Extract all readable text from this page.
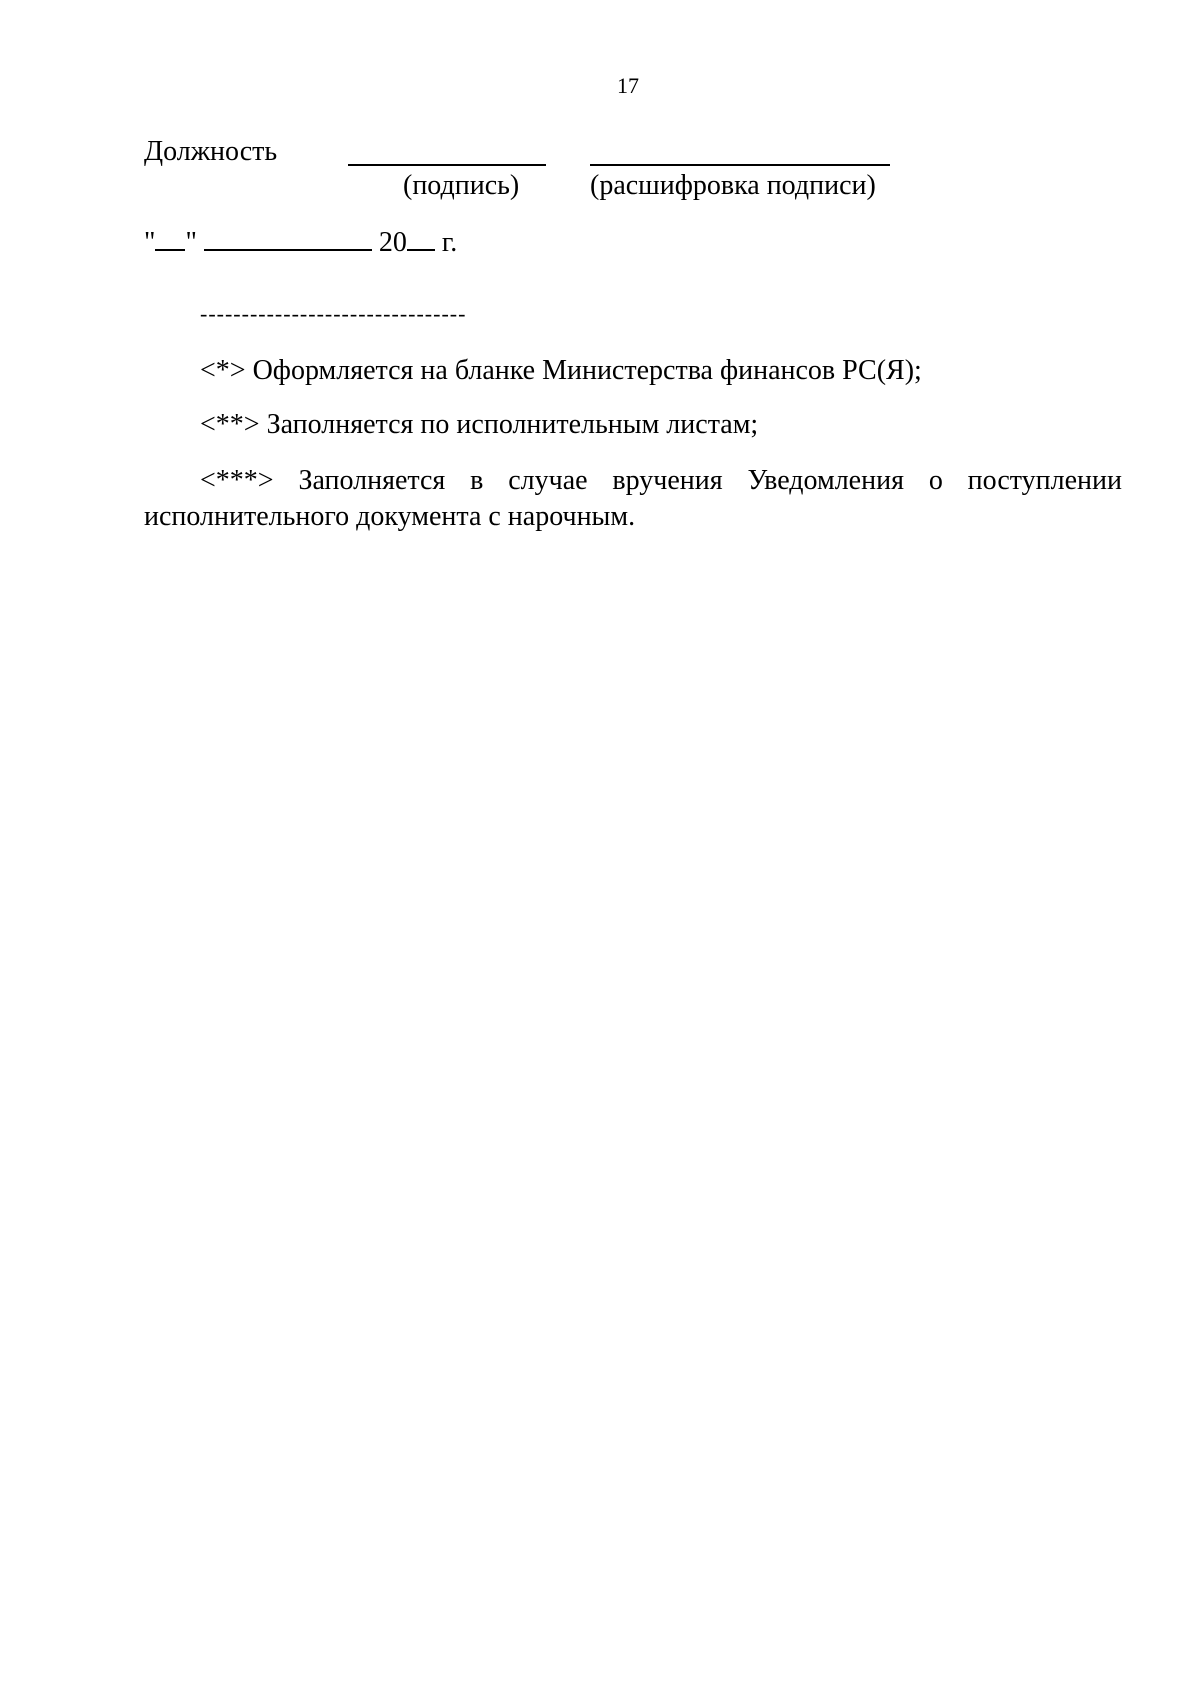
17
Должность
(подпись)	(расшифровка подписи)
" "	20 г.
--------------------------------
<*> Оформляется на бланке Министерства финансов РС(Я);
<**> Заполняется по исполнительным листам;
<***> Заполняется в случае вручения Уведомления о поступлении исполнительного документа с нарочным.
